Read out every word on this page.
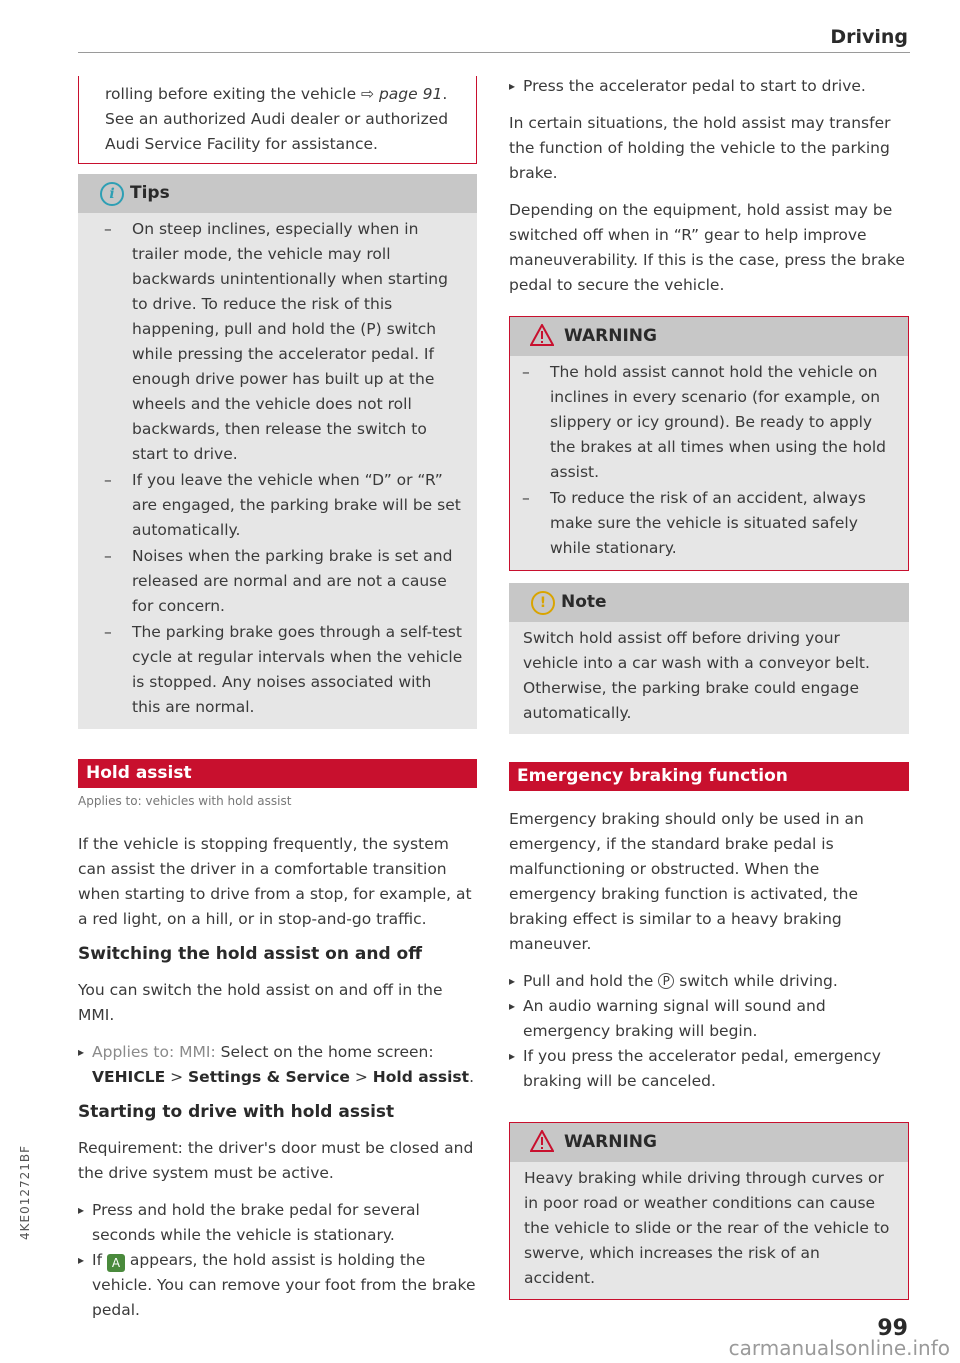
Driving

rolling before exiting the vehicle ⇨ page 91. See an authorized Audi dealer or authorized Audi Service Facility for assistance.

i Tips
– On steep inclines, especially when in trailer mode, the vehicle may roll backwards unintentionally when starting to drive. To reduce the risk of this happening, pull and hold the (P) switch while pressing the accelerator pedal. If enough drive power has built up at the wheels and the vehicle does not roll backwards, then release the switch to start to drive.
– If you leave the vehicle when “D” or “R” are engaged, the parking brake will be set automatically.
– Noises when the parking brake is set and released are normal and are not a cause for concern.
– The parking brake goes through a self-test cycle at regular intervals when the vehicle is stopped. Any noises associated with this are normal.
Hold assist
Applies to: vehicles with hold assist

If the vehicle is stopping frequently, the system can assist the driver in a comfortable transition when starting to drive from a stop, for example, at a red light, on a hill, or in stop-and-go traffic.

Switching the hold assist on and off

You can switch the hold assist on and off in the MMI.

▸ Applies to: MMI: Select on the home screen: VEHICLE > Settings & Service > Hold assist.
Starting to drive with hold assist

Requirement: the driver's door must be closed and the drive system must be active.

▸ Press and hold the brake pedal for several seconds while the vehicle is stationary.
▸ If A appears, the hold assist is holding the vehicle. You can remove your foot from the brake pedal.
▸ Press the accelerator pedal to start to drive.

In certain situations, the hold assist may transfer the function of holding the vehicle to the parking brake.

Depending on the equipment, hold assist may be switched off when in “R” gear to help improve maneuverability. If this is the case, press the brake pedal to secure the vehicle.

WARNING
– The hold assist cannot hold the vehicle on inclines in every scenario (for example, on slippery or icy ground). Be ready to apply the brakes at all times when using the hold assist.
– To reduce the risk of an accident, always make sure the vehicle is situated safely while stationary.
! Note

Switch hold assist off before driving your vehicle into a car wash with a conveyor belt. Otherwise, the parking brake could engage automatically.

Emergency braking function

Emergency braking should only be used in an emergency, if the standard brake pedal is malfunctioning or obstructed. When the emergency braking function is activated, the braking effect is similar to a heavy braking maneuver.

▸ Pull and hold the P switch while driving.
▸ An audio warning signal will sound and emergency braking will begin.
▸ If you press the accelerator pedal, emergency braking will be canceled.
WARNING

Heavy braking while driving through curves or in poor road or weather conditions can cause the vehicle to slide or the rear of the vehicle to swerve, which increases the risk of an accident.

4KE012721BF
99
carmanualsonline.info
